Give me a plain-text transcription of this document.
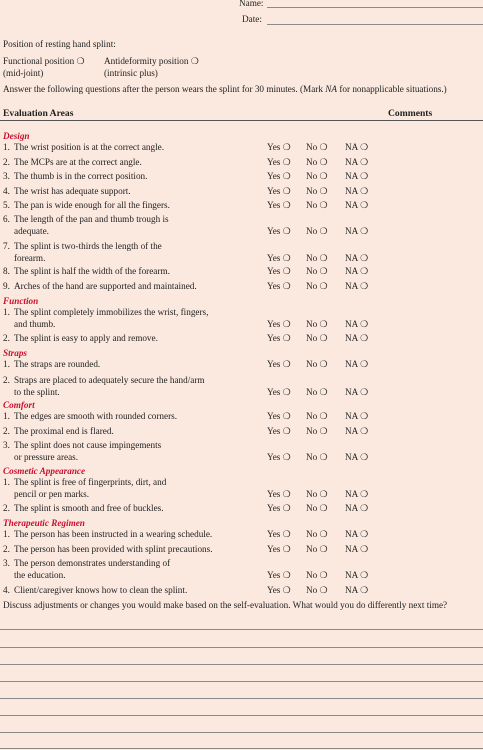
Name:
Date:
Position of resting hand splint:
Functional position ❍
(mid-joint)
Antideformity position ❍
(intrinsic plus)
Answer the following questions after the person wears the splint for 30 minutes. (Mark NA for nonapplicable situations.)
Evaluation Areas	Comments
Design
1. The wrist position is at the correct angle.	Yes ❍ No ❍ NA ❍
2. The MCPs are at the correct angle.	Yes ❍ No ❍ NA ❍
3. The thumb is in the correct position.	Yes ❍ No ❍ NA ❍
4. The wrist has adequate support.	Yes ❍ No ❍ NA ❍
5. The pan is wide enough for all the fingers.	Yes ❍ No ❍ NA ❍
6. The length of the pan and thumb trough is
adequate.	Yes ❍ No ❍ NA ❍
7. The splint is two-thirds the length of the
forearm.	Yes ❍ No ❍ NA ❍
8. The splint is half the width of the forearm.	Yes ❍ No ❍ NA ❍
9. Arches of the hand are supported and maintained.	Yes ❍ No ❍ NA ❍
Function
1. The splint completely immobilizes the wrist, fingers,
and thumb.	Yes ❍ No ❍ NA ❍
2. The splint is easy to apply and remove.	Yes ❍ No ❍ NA ❍
Straps
1. The straps are rounded.	Yes ❍ No ❍ NA ❍
2. Straps are placed to adequately secure the hand/arm
to the splint.	Yes ❍ No ❍ NA ❍
Comfort
1. The edges are smooth with rounded corners.	Yes ❍ No ❍ NA ❍
2. The proximal end is flared.	Yes ❍ No ❍ NA ❍
3. The splint does not cause impingements
or pressure areas.	Yes ❍ No ❍ NA ❍
Cosmetic Appearance
1. The splint is free of fingerprints, dirt, and
pencil or pen marks.	Yes ❍ No ❍ NA ❍
2. The splint is smooth and free of buckles.	Yes ❍ No ❍ NA ❍
Therapeutic Regimen
1. The person has been instructed in a wearing schedule.	Yes ❍ No ❍ NA ❍
2. The person has been provided with splint precautions.	Yes ❍ No ❍ NA ❍
3. The person demonstrates understanding of
the education.	Yes ❍ No ❍ NA ❍
4. Client/caregiver knows how to clean the splint.	Yes ❍ No ❍ NA ❍
Discuss adjustments or changes you would make based on the self-evaluation. What would you do differently next time?
